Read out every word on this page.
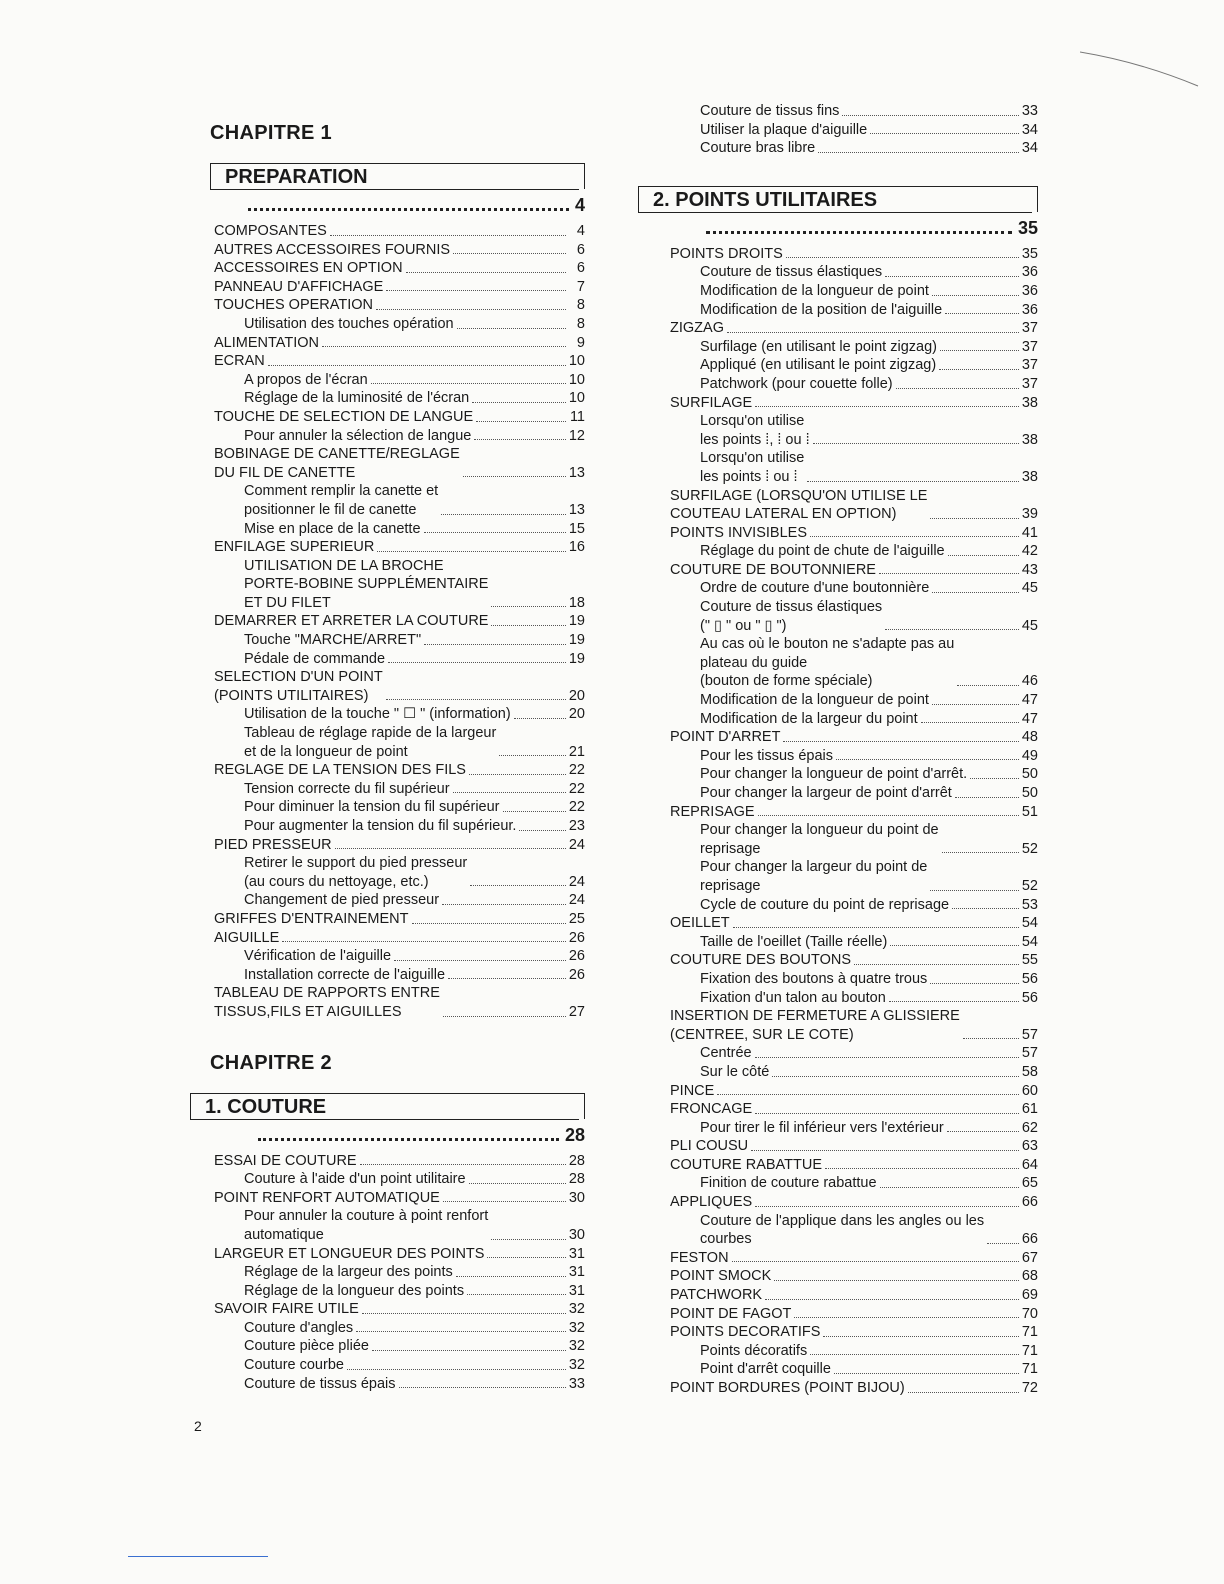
CHAPITRE 1
PREPARATION
4
COMPOSANTES	4
AUTRES ACCESSOIRES FOURNIS	6
ACCESSOIRES EN OPTION	6
PANNEAU D'AFFICHAGE	7
TOUCHES OPERATION	8
Utilisation des touches opération	8
ALIMENTATION	9
ECRAN	10
A propos de l'écran	10
Réglage de la luminosité de l'écran	10
TOUCHE DE SELECTION DE LANGUE	11
Pour annuler la sélection de langue	12
BOBINAGE DE CANETTE/REGLAGE
DU FIL DE CANETTE	13
Comment remplir la canette et
positionner le fil de canette	13
Mise en place de la canette	15
ENFILAGE SUPERIEUR	16
UTILISATION DE LA BROCHE
PORTE-BOBINE SUPPLÉMENTAIRE
ET DU FILET	18
DEMARRER ET ARRETER LA COUTURE	19
Touche "MARCHE/ARRET"	19
Pédale de commande	19
SELECTION D'UN POINT
(POINTS UTILITAIRES)	20
Utilisation de la touche " ☐ " (information)	20
Tableau de réglage rapide de la largeur
et de la longueur de point	21
REGLAGE DE LA TENSION DES FILS	22
Tension correcte du fil supérieur	22
Pour diminuer la tension du fil supérieur	22
Pour augmenter la tension du fil supérieur.	23
PIED PRESSEUR	24
Retirer le support du pied presseur
(au cours du nettoyage, etc.)	24
Changement de pied presseur	24
GRIFFES D'ENTRAINEMENT	25
AIGUILLE	26
Vérification de l'aiguille	26
Installation correcte de l'aiguille	26
TABLEAU DE RAPPORTS ENTRE
TISSUS,FILS ET AIGUILLES	27
CHAPITRE 2
1. COUTURE
28
ESSAI DE COUTURE	28
Couture à l'aide d'un point utilitaire	28
POINT RENFORT AUTOMATIQUE	30
Pour annuler la couture à point renfort
automatique	30
LARGEUR ET LONGUEUR DES POINTS	31
Réglage de la largeur des points	31
Réglage de la longueur des points	31
SAVOIR FAIRE UTILE	32
Couture d'angles	32
Couture pièce pliée	32
Couture courbe	32
Couture de tissus épais	33
Couture de tissus fins	33
Utiliser la plaque d'aiguille	34
Couture bras libre	34
2. POINTS UTILITAIRES
35
POINTS DROITS	35
Couture de tissus élastiques	36
Modification de la longueur de point	36
Modification de la position de l'aiguille	36
ZIGZAG	37
Surfilage (en utilisant le point zigzag)	37
Appliqué (en utilisant le point zigzag)	37
Patchwork (pour couette folle)	37
SURFILAGE	38
Lorsqu'on utilise
les points ⁞, ⁞ ou ⁞	38
Lorsqu'on utilise
les points ⁞ ou ⁞	38
SURFILAGE (LORSQU'ON UTILISE LE
COUTEAU LATERAL EN OPTION)	39
POINTS INVISIBLES	41
Réglage du point de chute de l'aiguille	42
COUTURE DE BOUTONNIERE	43
Ordre de couture d'une boutonnière	45
Couture de tissus élastiques
(" ▯ " ou " ▯ ")	45
Au cas où le bouton ne s'adapte pas au
plateau du guide
(bouton de forme spéciale)	46
Modification de la longueur de point	47
Modification de la largeur du point	47
POINT D'ARRET	48
Pour les tissus épais	49
Pour changer la longueur de point d'arrêt.	50
Pour changer la largeur de point d'arrêt	50
REPRISAGE	51
Pour changer la longueur du point de
reprisage	52
Pour changer la largeur du point de
reprisage	52
Cycle de couture du point de reprisage	53
OEILLET	54
Taille de l'oeillet (Taille réelle)	54
COUTURE DES BOUTONS	55
Fixation des boutons à quatre trous	56
Fixation d'un talon au bouton	56
INSERTION DE FERMETURE A GLISSIERE
(CENTREE, SUR LE COTE)	57
Centrée	57
Sur le côté	58
PINCE	60
FRONCAGE	61
Pour tirer le fil inférieur vers l'extérieur	62
PLI COUSU	63
COUTURE RABATTUE	64
Finition de couture rabattue	65
APPLIQUES	66
Couture de l'applique dans les angles ou les
courbes	66
FESTON	67
POINT SMOCK	68
PATCHWORK	69
POINT DE FAGOT	70
POINTS DECORATIFS	71
Points décoratifs	71
Point d'arrêt coquille	71
POINT BORDURES (POINT BIJOU)	72
2
